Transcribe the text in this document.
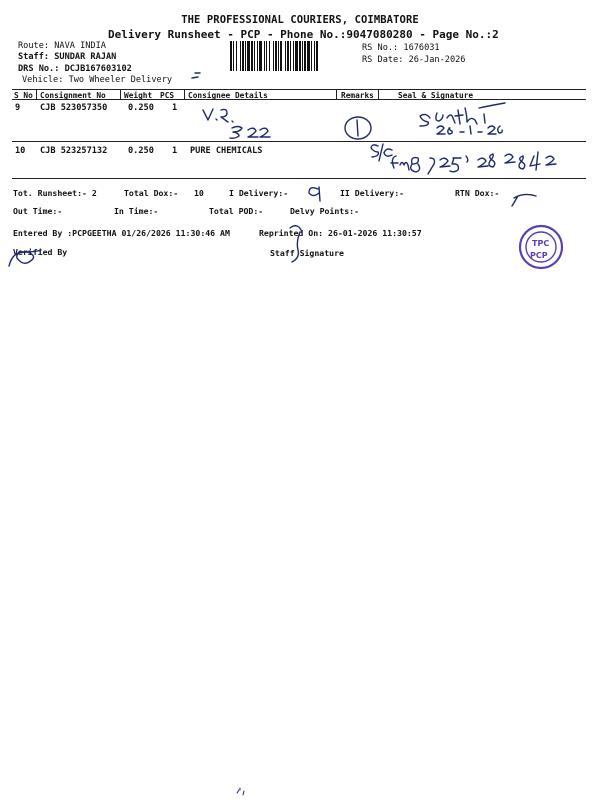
THE PROFESSIONAL COURIERS, COIMBATORE
Delivery Runsheet - PCP - Phone No.:9047080280 - Page No.:2
Route: NAVA INDIA
Staff: SUNDAR RAJAN
DRS No.: DCJB167603102
Vehicle: Two Wheeler Delivery
RS No.: 1676031
RS Date: 26-Jan-2026
S No Consignment No Weight PCS Consignee Details	Remarks	Seal & Signature
9 CJB 523057350 0.250 1
10 CJB 523257132 0.250 1 PURE CHEMICALS
Tot. Runsheet:- 2	Total Dox:- 10	I Delivery:-	II Delivery:-	RTN Dox:-
Out Time:-	In Time:-	Total POD:-	Delvy Points:-
Entered By :PCPGEETHA 01/26/2026 11:30:46 AM	Reprinted On: 26-01-2026 11:30:57
Verified By	Staff Signature
TPC
PCP
